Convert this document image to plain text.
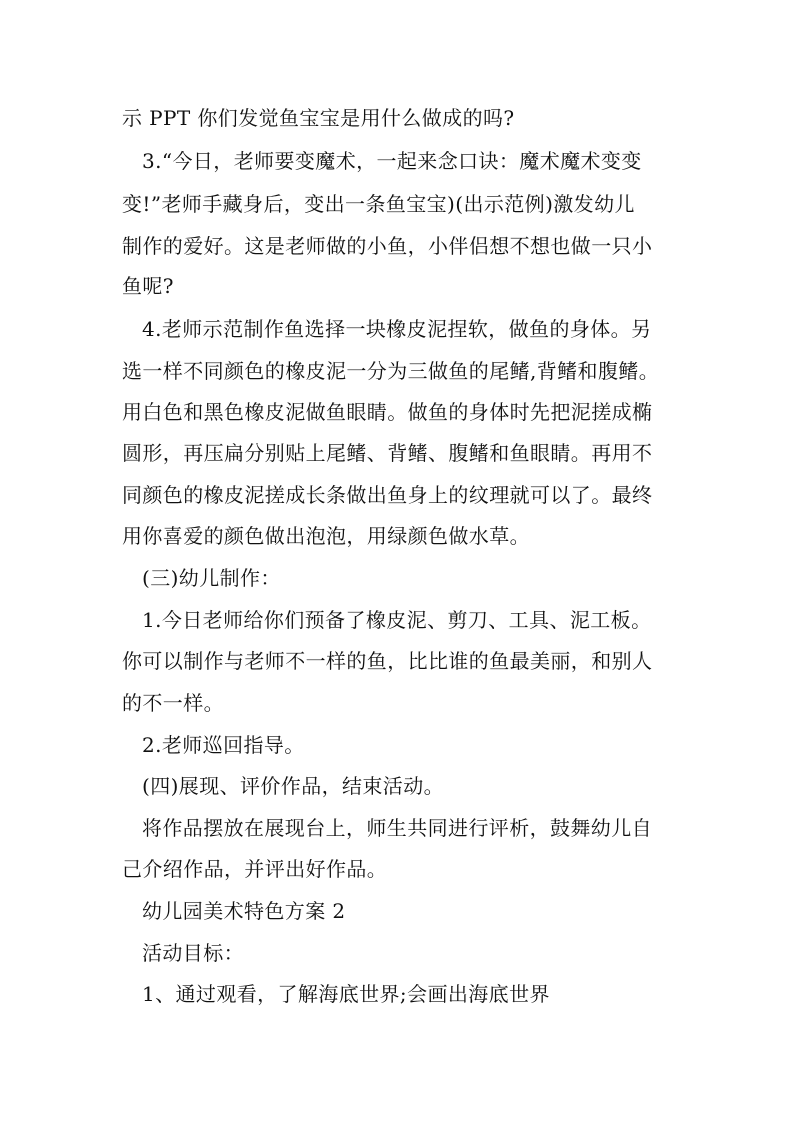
示 PPT 你们发觉鱼宝宝是用什么做成的吗?
3.“今日，老师要变魔术，一起来念口诀：魔术魔术变变
变!”老师手藏身后，变出一条鱼宝宝)(出示范例)激发幼儿
制作的爱好。这是老师做的小鱼，小伴侣想不想也做一只小
鱼呢?
4.老师示范制作鱼选择一块橡皮泥捏软，做鱼的身体。另
选一样不同颜色的橡皮泥一分为三做鱼的尾鳍,背鳍和腹鳍。
用白色和黑色橡皮泥做鱼眼睛。做鱼的身体时先把泥搓成椭
圆形，再压扁分别贴上尾鳍、背鳍、腹鳍和鱼眼睛。再用不
同颜色的橡皮泥搓成长条做出鱼身上的纹理就可以了。最终
用你喜爱的颜色做出泡泡，用绿颜色做水草。
(三)幼儿制作：
1.今日老师给你们预备了橡皮泥、剪刀、工具、泥工板。
你可以制作与老师不一样的鱼，比比谁的鱼最美丽，和别人
的不一样。
2.老师巡回指导。
(四)展现、评价作品，结束活动。
将作品摆放在展现台上，师生共同进行评析，鼓舞幼儿自
己介绍作品，并评出好作品。
幼儿园美术特色方案 2
活动目标：
1、通过观看，了解海底世界;会画出海底世界
